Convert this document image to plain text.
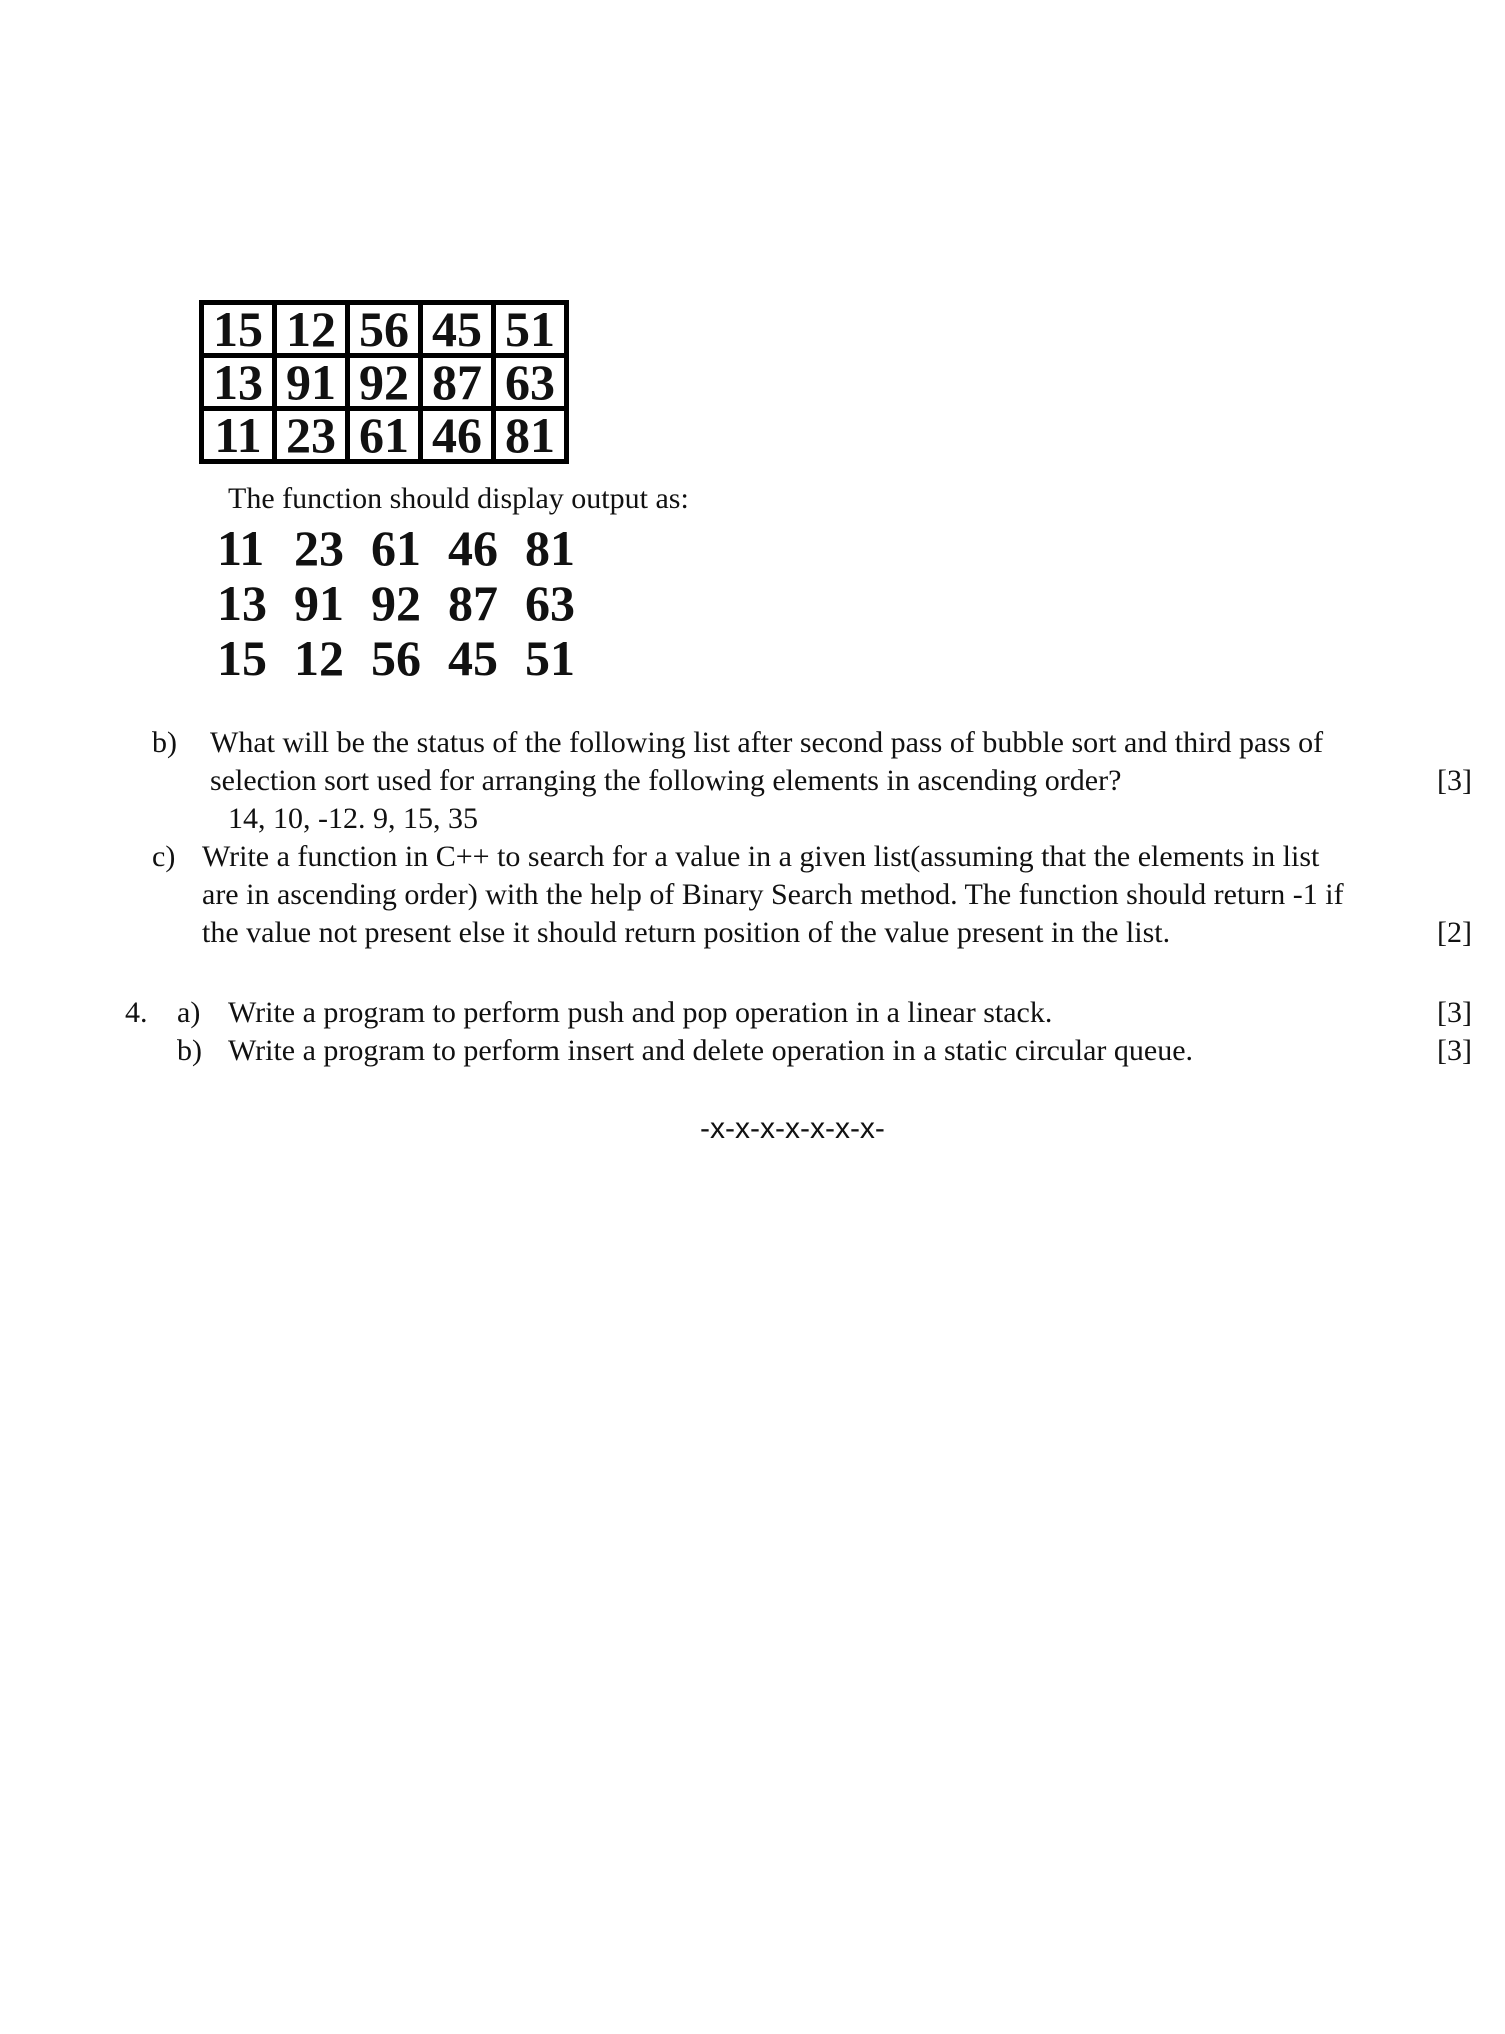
15	12	56	45	51
13	91	92	87	63
11	23	61	46	81
The function should display output as:
11 23 61 46 81
13 91 92 87 63
15 12 56 45 51
b) What will be the status of the following list after second pass of bubble sort and third pass of
selection sort used for arranging the following elements in ascending order?	[3]
14, 10, -12. 9, 15, 35
c) Write a function in C++ to search for a value in a given list(assuming that the elements in list
are in ascending order) with the help of Binary Search method. The function should return -1 if
the value not present else it should return position of the value present in the list.	[2]
4. a) Write a program to perform push and pop operation in a linear stack.	[3]
b) Write a program to perform insert and delete operation in a static circular queue.	[3]
-x-x-x-x-x-x-x-
